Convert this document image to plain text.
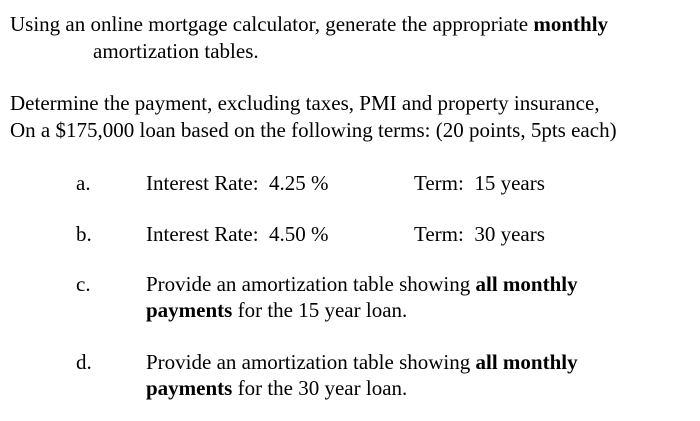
Using an online mortgage calculator, generate the appropriate monthly
amortization tables.
Determine the payment, excluding taxes, PMI and property insurance,
On a $175,000 loan based on the following terms: (20 points, 5pts each)
a.	Interest Rate: 4.25 %	Term: 15 years
b.	Interest Rate: 4.50 %	Term: 30 years
c.	Provide an amortization table showing all monthly
payments for the 15 year loan.
d.	Provide an amortization table showing all monthly
payments for the 30 year loan.
